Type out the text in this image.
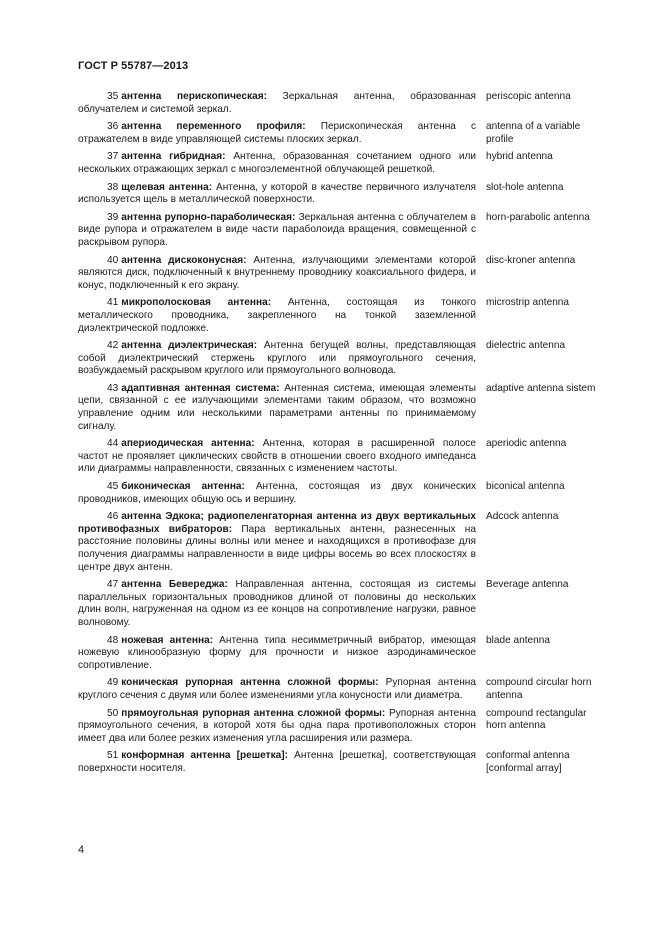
ГОСТ Р 55787—2013
35 антенна перископическая: Зеркальная антенна, образованная облучателем и системой зеркал.
periscopic antenna
36 антенна переменного профиля: Перископическая антенна с отражателем в виде управляющей системы плоских зеркал.
antenna of a variable profile
37 антенна гибридная: Антенна, образованная сочетанием одного или нескольких отражающих зеркал с многоэлементной облучающей решеткой.
hybrid antenna
38 щелевая антенна: Антенна, у которой в качестве первичного излучателя используется щель в металлической поверхности.
slot-hole antenna
39 антенна рупорно-параболическая: Зеркальная антенна с облучателем в виде рупора и отражателем в виде части параболоида вращения, совмещенной с раскрывом рупора.
horn-parabolic antenna
40 антенна дискоконусная: Антенна, излучающими элементами которой являются диск, подключенный к внутреннему проводнику коаксиального фидера, и конус, подключенный к его экрану.
disc-kroner antenna
41 микрополосковая антенна: Антенна, состоящая из тонкого металлического проводника, закрепленного на тонкой заземленной диэлектрической подложке.
microstrip antenna
42 антенна диэлектрическая: Антенна бегущей волны, представляющая собой диэлектрический стержень круглого или прямоугольного сечения, возбуждаемый раскрывом круглого или прямоугольного волновода.
dielectric antenna
43 адаптивная антенная система: Антенная система, имеющая элементы цепи, связанной с ее излучающими элементами таким образом, что возможно управление одним или несколькими параметрами антенны по принимаемому сигналу.
adaptive antenna sistem
44 апериодическая антенна: Антенна, которая в расширенной полосе частот не проявляет циклических свойств в отношении своего входного импеданса или диаграммы направленности, связанных с изменением частоты.
aperiodic antenna
45 биконическая антенна: Антенна, состоящая из двух конических проводников, имеющих общую ось и вершину.
biconical antenna
46 антенна Эдкока; радиопеленгаторная антенна из двух вертикальных противофазных вибраторов: Пара вертикальных антенн, разнесенных на расстояние половины длины волны или менее и находящихся в противофазе для получения диаграммы направленности в виде цифры восемь во всех плоскостях в центре двух антенн.
Adcock antenna
47 антенна Бевереджа: Направленная антенна, состоящая из системы параллельных горизонтальных проводников длиной от половины до нескольких длин волн, нагруженная на одном из ее концов на сопротивление нагрузки, равное волновому.
Beverage antenna
48 ножевая антенна: Антенна типа несимметричный вибратор, имеющая ножевую клинообразную форму для прочности и низкое аэродинамическое сопротивление.
blade antenna
49 коническая рупорная антенна сложной формы: Рупорная антенна круглого сечения с двумя или более изменениями угла конусности или диаметра.
compound circular horn antenna
50 прямоугольная рупорная антенна сложной формы: Рупорная антенна прямоугольного сечения, в которой хотя бы одна пара противоположных сторон имеет два или более резких изменения угла расширения или размера.
compound rectangular horn antenna
51 конформная антенна [решетка]: Антенна [решетка], соответствующая поверхности носителя.
conformal antenna [conformal array]
4
